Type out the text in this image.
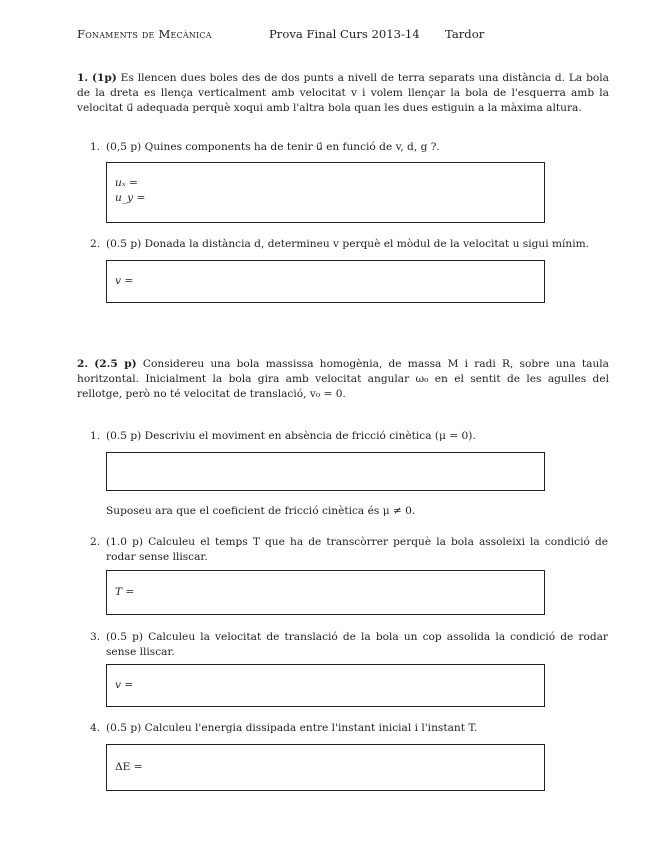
Fonaments de Mecànica	Prova Final Curs 2013-14 Tardor
1. (1p) Es llencen dues boles des de dos punts a nivell de terra separats una distància d. La bola de la dreta es llença verticalment amb velocitat v i volem llençar la bola de l'esquerra amb la velocitat u⃗ adequada perquè xoqui amb l'altra bola quan les dues estiguin a la màxima altura.
1. (0,5 p) Quines components ha de tenir u⃗ en funció de v, d, g ?.
uₓ =
u_y =
2. (0.5 p) Donada la distància d, determineu v perquè el mòdul de la velocitat u sigui mínim.
v =
2. (2.5 p) Considereu una bola massissa homogènia, de massa M i radi R, sobre una taula horitzontal. Inicialment la bola gira amb velocitat angular ω₀ en el sentit de les agulles del rellotge, però no té velocitat de translació, v₀ = 0.
1. (0.5 p) Descriviu el moviment en absència de fricció cinètica (μ = 0).
Suposeu ara que el coeficient de fricció cinètica és μ ≠ 0.
2. (1.0 p) Calculeu el temps T que ha de transcòrrer perquè la bola assoleixi la condició de rodar sense lliscar.
T =
3. (0.5 p) Calculeu la velocitat de translació de la bola un cop assolida la condició de rodar sense lliscar.
v =
4. (0.5 p) Calculeu l'energia dissipada entre l'instant inicial i l'instant T.
ΔE =
